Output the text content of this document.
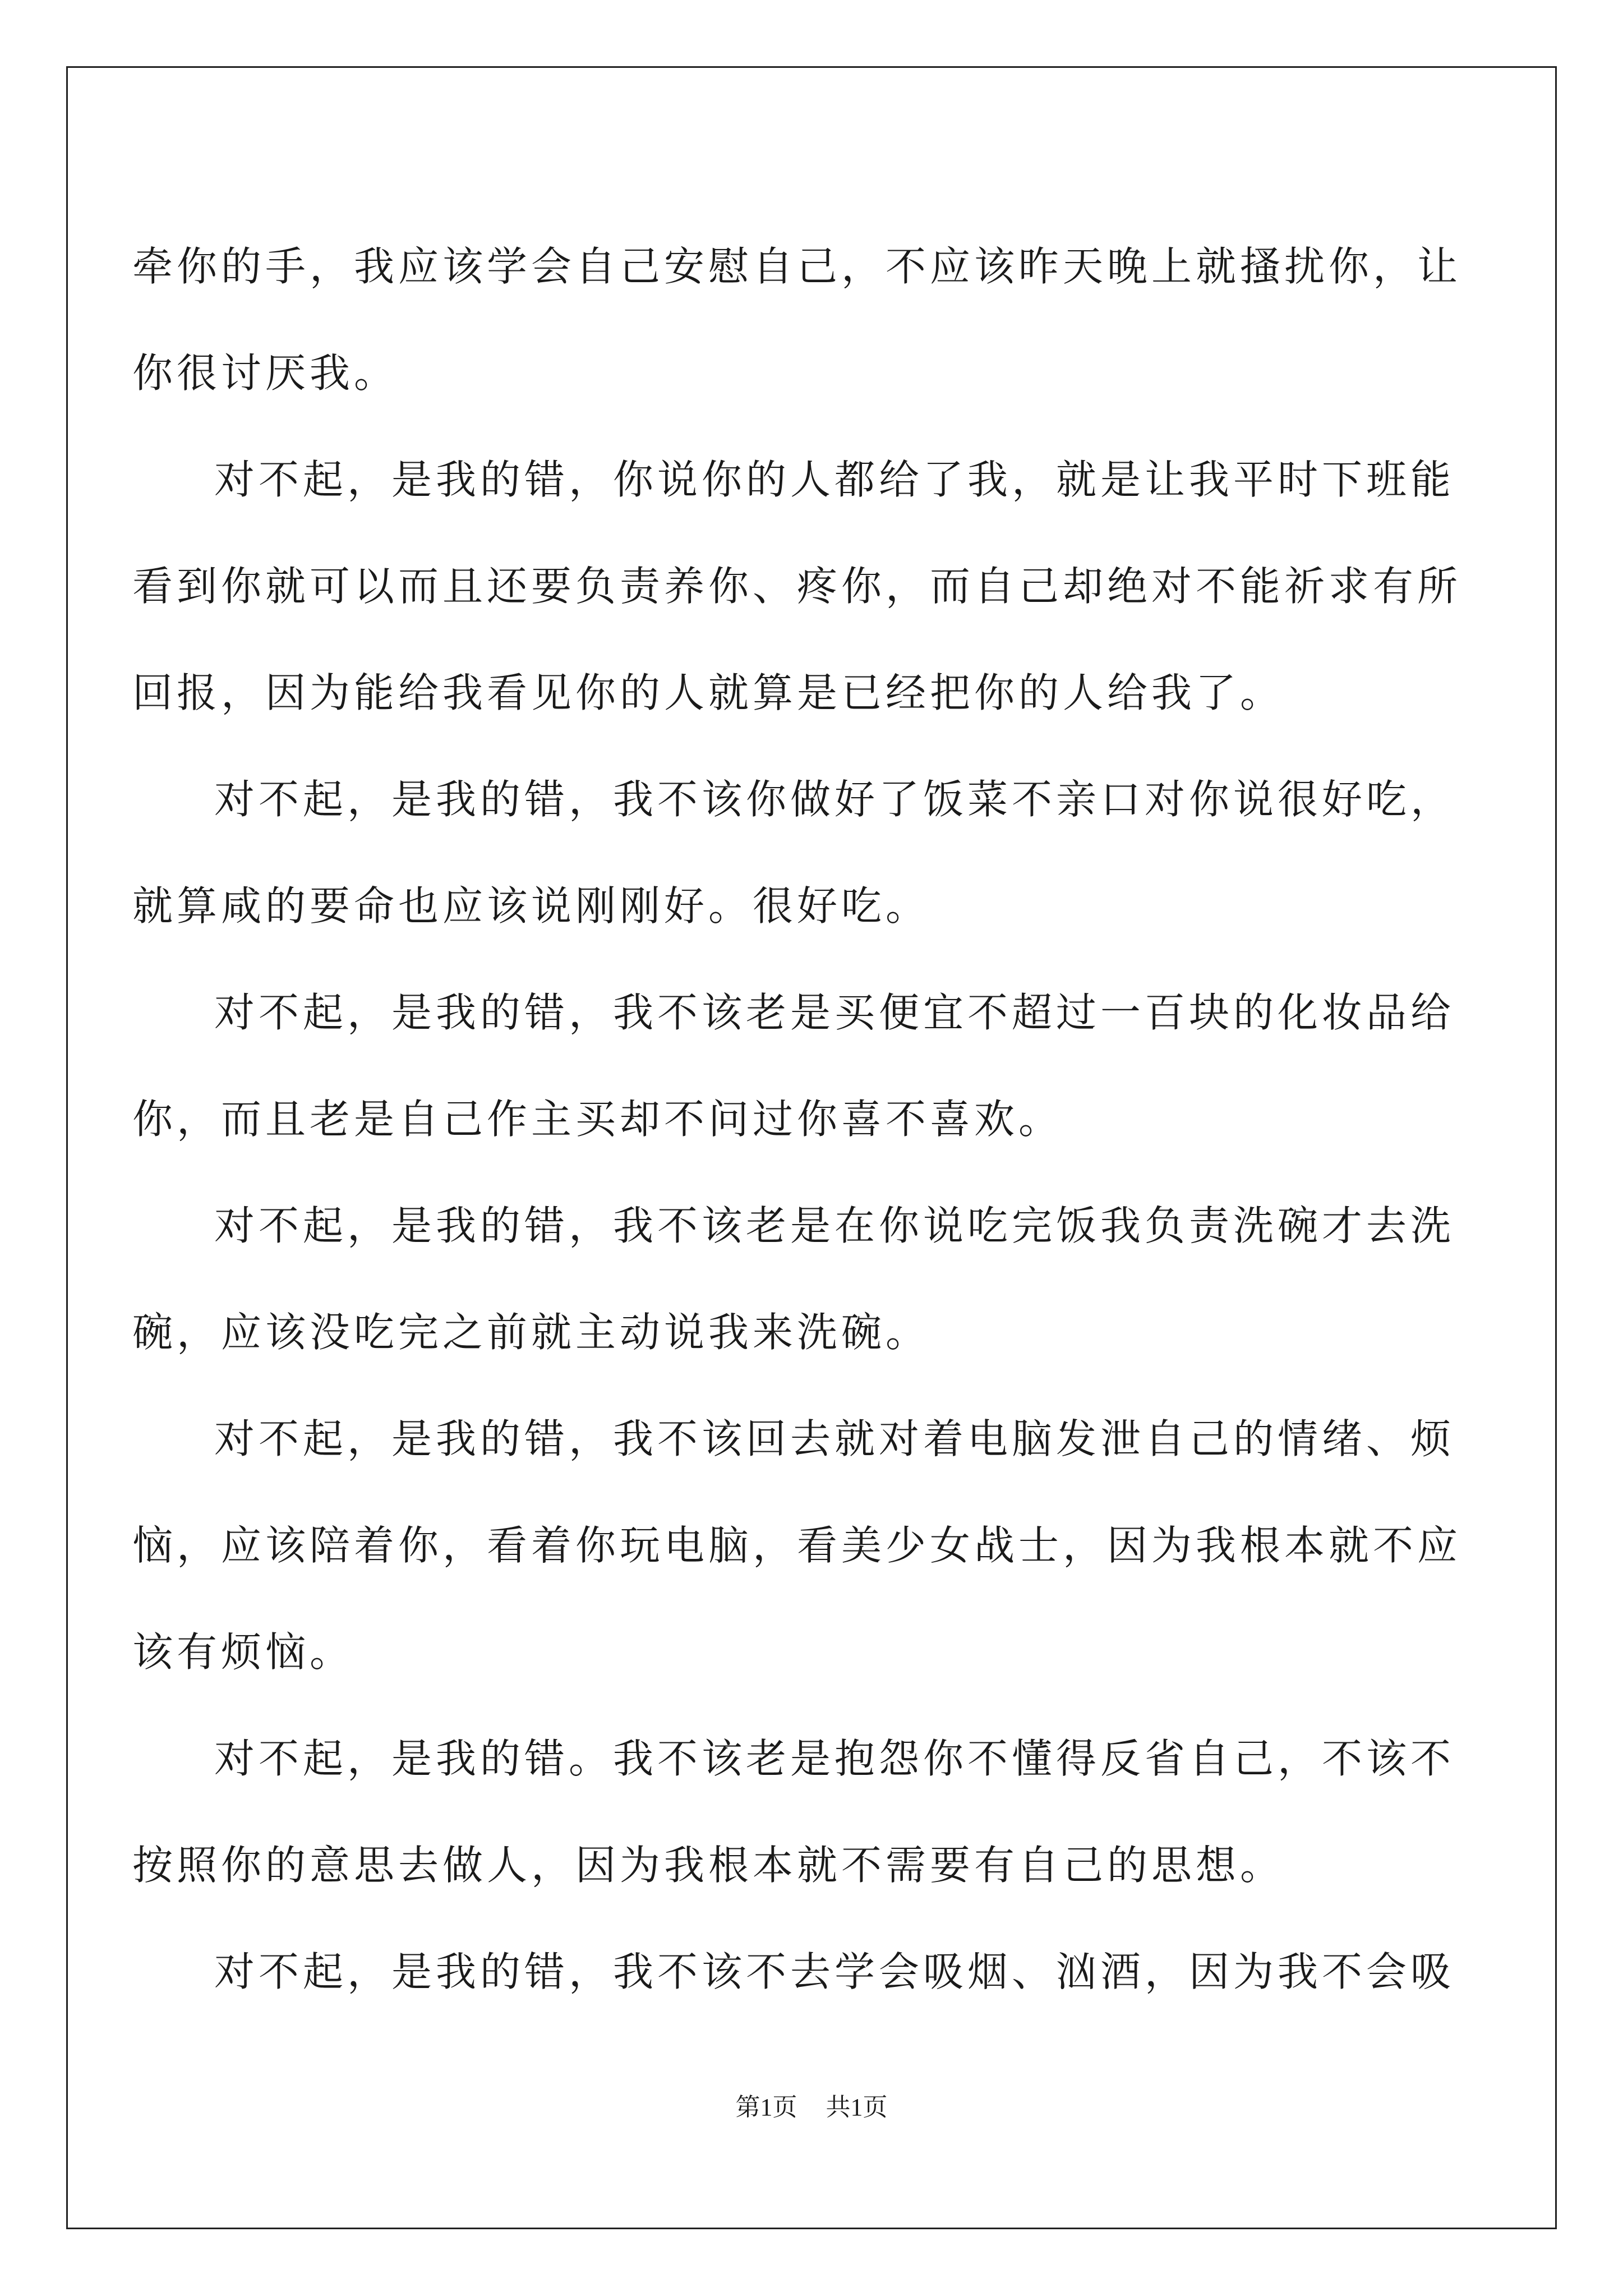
牵你的手，我应该学会自己安慰自己，不应该昨天晚上就搔扰你，让
你很讨厌我。
对不起，是我的错，你说你的人都给了我，就是让我平时下班能
看到你就可以而且还要负责养你、疼你，而自己却绝对不能祈求有所
回报，因为能给我看见你的人就算是已经把你的人给我了。
对不起，是我的错，我不该你做好了饭菜不亲口对你说很好吃，
就算咸的要命也应该说刚刚好。很好吃。
对不起，是我的错，我不该老是买便宜不超过一百块的化妆品给
你，而且老是自己作主买却不问过你喜不喜欢。
对不起，是我的错，我不该老是在你说吃完饭我负责洗碗才去洗
碗，应该没吃完之前就主动说我来洗碗。
对不起，是我的错，我不该回去就对着电脑发泄自己的情绪、烦
恼，应该陪着你，看着你玩电脑，看美少女战士，因为我根本就不应
该有烦恼。
对不起，是我的错。我不该老是抱怨你不懂得反省自己，不该不
按照你的意思去做人，因为我根本就不需要有自己的思想。
对不起，是我的错，我不该不去学会吸烟、汹酒，因为我不会吸
第1页 共1页
